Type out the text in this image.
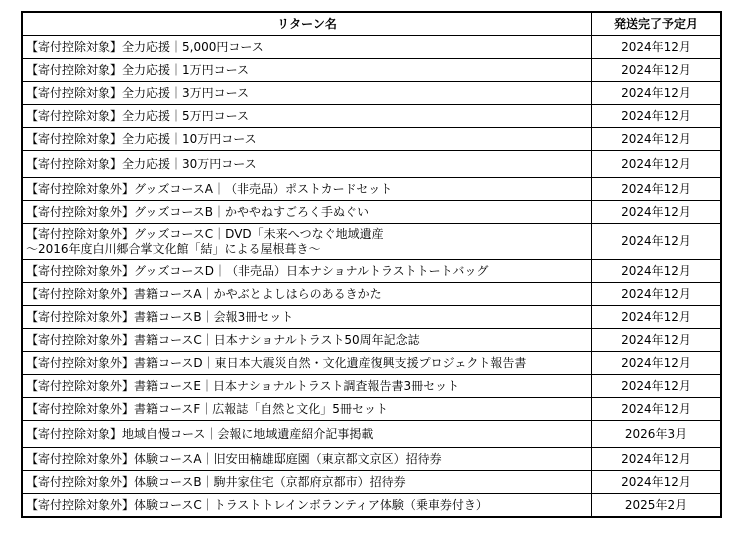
リターン名	発送完了予定月
【寄付控除対象】全力応援｜5,000円コース	2024年12月
【寄付控除対象】全力応援｜1万円コース	2024年12月
【寄付控除対象】全力応援｜3万円コース	2024年12月
【寄付控除対象】全力応援｜5万円コース	2024年12月
【寄付控除対象】全力応援｜10万円コース	2024年12月
【寄付控除対象】全力応援｜30万円コース	2024年12月
【寄付控除対象外】グッズコースA｜（非売品）ポストカードセット	2024年12月
【寄付控除対象外】グッズコースB｜かややねすごろく手ぬぐい	2024年12月

【寄付控除対象外】グッズコースC｜DVD「未来へつなぐ地域遺産
～2016年度白川郷合掌文化館「結」による屋根葺き～	2024年12月
【寄付控除対象外】グッズコースD｜（非売品）日本ナショナルトラストトートバッグ	2024年12月
【寄付控除対象外】書籍コースA｜かやぶとよしはらのあるきかた	2024年12月
【寄付控除対象外】書籍コースB｜会報3冊セット	2024年12月
【寄付控除対象外】書籍コースC｜日本ナショナルトラスト50周年記念誌	2024年12月
【寄付控除対象外】書籍コースD｜東日本大震災自然・文化遺産復興支援プロジェクト報告書	2024年12月
【寄付控除対象外】書籍コースE｜日本ナショナルトラスト調査報告書3冊セット	2024年12月
【寄付控除対象外】書籍コースF｜広報誌「自然と文化」5冊セット	2024年12月
【寄付控除対象】地域自慢コース｜会報に地域遺産紹介記事掲載	2026年3月
【寄付控除対象外】体験コースA｜旧安田楠雄邸庭園（東京都文京区）招待券	2024年12月
【寄付控除対象外】体験コースB｜駒井家住宅（京都府京都市）招待券	2024年12月
【寄付控除対象外】体験コースC｜トラストトレインボランティア体験（乗車券付き）	2025年2月
